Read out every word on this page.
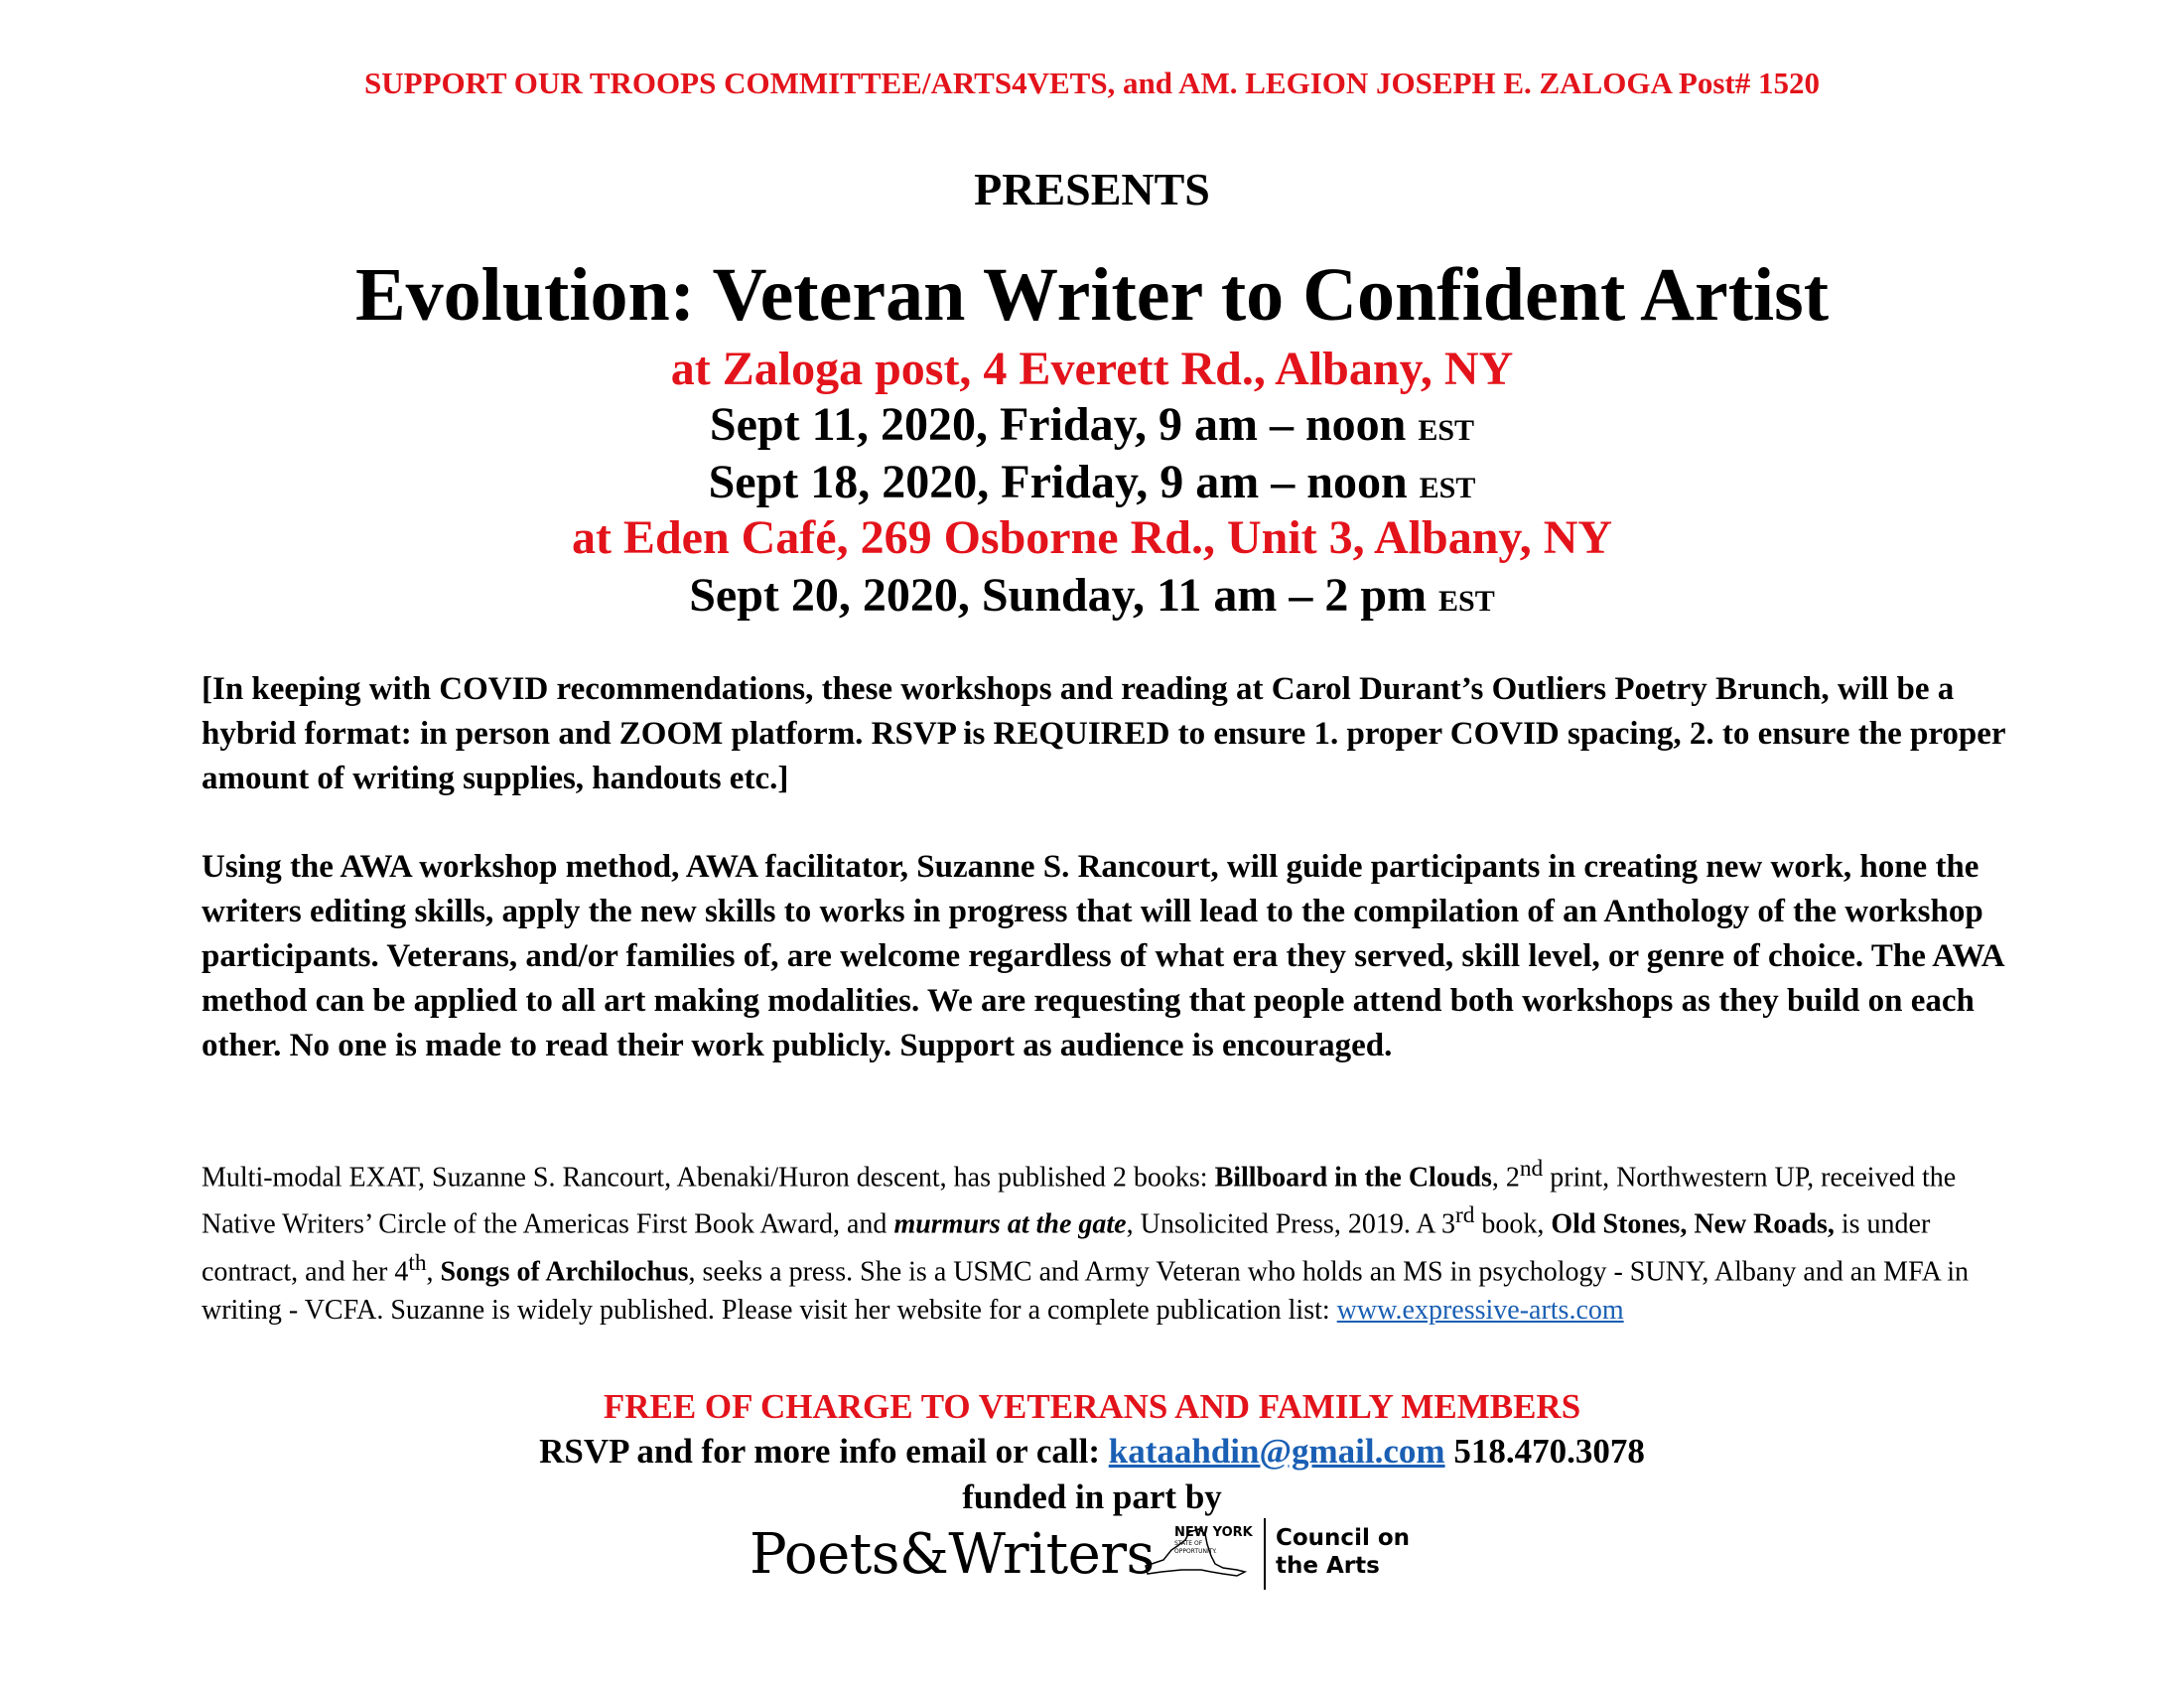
SUPPORT OUR TROOPS COMMITTEE/ARTS4VETS, and AM. LEGION JOSEPH E. ZALOGA Post# 1520
PRESENTS
Evolution: Veteran Writer to Confident Artist
at Zaloga post, 4 Everett Rd., Albany, NY
Sept 11, 2020, Friday, 9 am – noon EST
Sept 18, 2020, Friday, 9 am – noon EST
at Eden Café, 269 Osborne Rd., Unit 3, Albany, NY
Sept 20, 2020, Sunday, 11 am – 2 pm EST
[In keeping with COVID recommendations, these workshops and reading at Carol Durant’s Outliers Poetry Brunch, will be a hybrid format: in person and ZOOM platform. RSVP is REQUIRED to ensure 1. proper COVID spacing, 2. to ensure the proper amount of writing supplies, handouts etc.]
Using the AWA workshop method, AWA facilitator, Suzanne S. Rancourt, will guide participants in creating new work, hone the writers editing skills, apply the new skills to works in progress that will lead to the compilation of an Anthology of the workshop participants. Veterans, and/or families of, are welcome regardless of what era they served, skill level, or genre of choice. The AWA method can be applied to all art making modalities. We are requesting that people attend both workshops as they build on each other. No one is made to read their work publicly. Support as audience is encouraged.
Multi-modal EXAT, Suzanne S. Rancourt, Abenaki/Huron descent, has published 2 books: Billboard in the Clouds, 2nd print, Northwestern UP, received the Native Writers’ Circle of the Americas First Book Award, and murmurs at the gate, Unsolicited Press, 2019. A 3rd book, Old Stones, New Roads, is under contract, and her 4th, Songs of Archilochus, seeks a press. She is a USMC and Army Veteran who holds an MS in psychology - SUNY, Albany and an MFA in writing - VCFA. Suzanne is widely published. Please visit her website for a complete publication list: www.expressive-arts.com
FREE OF CHARGE TO VETERANS AND FAMILY MEMBERS
RSVP and for more info email or call: kataahdin@gmail.com 518.470.3078
funded in part by
Poets&Writers NEW YORK
STATE OF
OPPORTUNITY.
Council on
the Arts
